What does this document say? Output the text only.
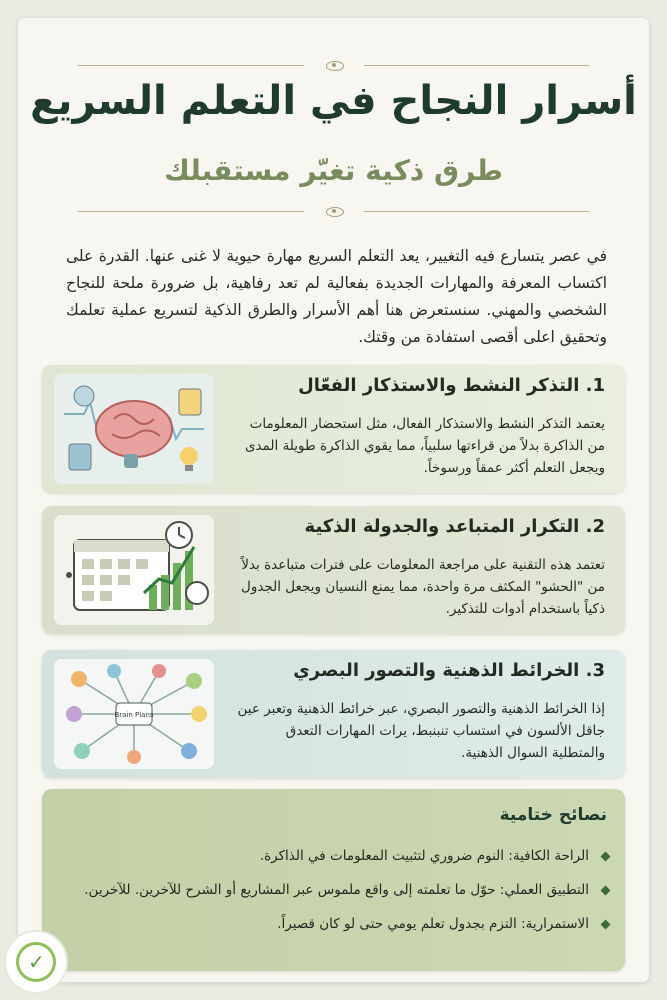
أسرار النجاح في التعلم السريع
طرق ذكية تغيّر مستقبلك

في عصر يتسارع فيه التغيير، يعد التعلم السريع مهارة حيوية لا غنى عنها. القدرة على اكتساب المعرفة والمهارات الجديدة بفعالية لم تعد رفاهية، بل ضرورة ملحة للنجاح الشخصي والمهني. سنستعرض هنا أهم الأسرار والطرق الذكية لتسريع عملية تعلمك وتحقيق اعلى أقصى استفادة من وقتك.

1. التذكر النشط والاستذكار الفعّال

يعتمد التذكر النشط والاستذكار الفعال، مثل استحضار المعلومات من الذاكرة بدلاً من قراءتها سلبياً، مما يقوي الذاكرة طويلة المدى ويجعل التعلم أكثر عمقاً ورسوخاً.

2. التكرار المتباعد والجدولة الذكية

تعتمد هذه التقنية على مراجعة المعلومات على فترات متباعدة بدلاً من "الحشو" المكثف مرة واحدة، مما يمنع النسيان ويجعل الجدول ذكياً باستخدام أدوات للتذكير.

Brain Plans
3. الخرائط الذهنية والتصور البصري

إذا الخرائط الذهنية والتصور البصري، عبر خرائط الذهنية وتعبر عين جاقل الألسون في استساب تنبنبط، يرات المهارات التعدق والمتطلية السوال الذهنية.

نصائح ختامية
الراحة الكافية: النوم ضروري لتثبيت المعلومات في الذاكرة.
التطبيق العملي: حوّل ما تعلمته إلى واقع ملموس عبر المشاريع أو الشرح للآخرين. للآخرين.
الاستمرارية: التزم بجدول تعلم يومي حتى لو كان قصيراً.
✓
